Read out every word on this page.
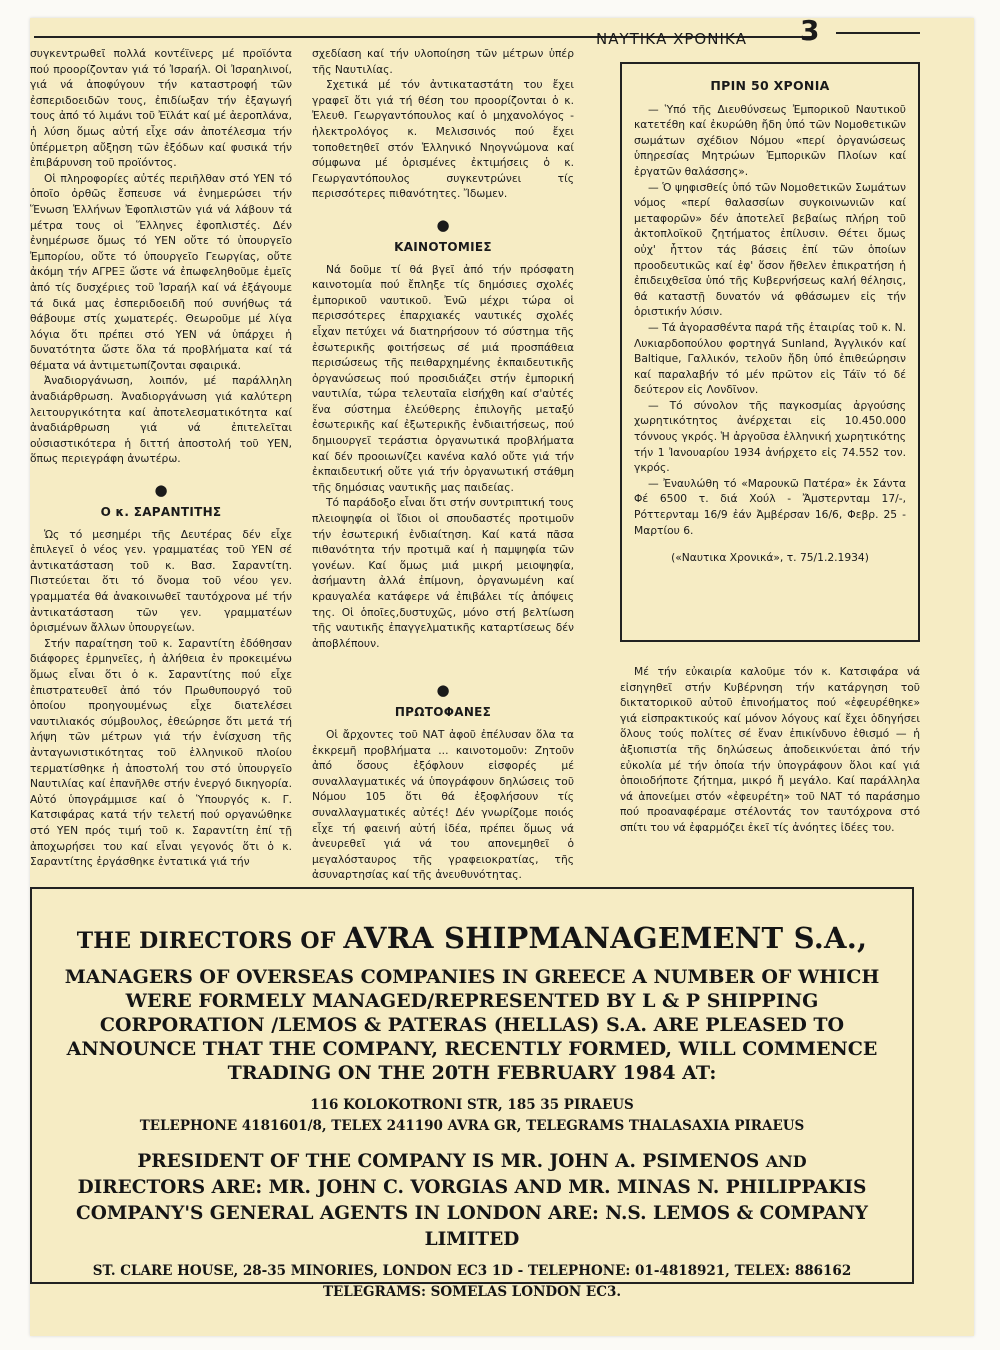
ΝΑΥΤΙΚΑ ΧΡΟΝΙΚΑ 3

συγκεντρωθεῖ πολλά κοντέϊνερς μέ προϊόντα πού προορίζονταν γιά τό Ἰσραήλ. Οἱ Ἰσραηλινοί, γιά νά ἀποφύγουν τήν καταστροφή τῶν ἐσπεριδοειδῶν τους, ἐπιδίωξαν τήν ἐξαγωγή τους ἀπό τό λιμάνι τοῦ Ἐϊλάτ καί μέ ἀεροπλάνα, ἡ λύση ὅμως αὐτή εἶχε σάν ἀποτέλεσμα τήν ὑπέρμετρη αὔξηση τῶν ἐξόδων καί φυσικά τήν ἐπιβάρυνση τοῦ προϊόντος.

Οἱ πληροφορίες αὐτές περιῆλθαν στό ΥΕΝ τό ὁποῖο ὀρθῶς ἔσπευσε νά ἐνημερώσει τήν Ἕνωση Ἑλλήνων Ἐφοπλιστῶν γιά νά λάβουν τά μέτρα τους οἱ Ἕλληνες ἐφοπλιστές. Δέν ἐνημέρωσε ὅμως τό ΥΕΝ οὔτε τό ὑπουργεῖο Ἐμπορίου, οὔτε τό ὑπουργεῖο Γεωργίας, οὔτε ἀκόμη τήν ΑΓΡΕΞ ὥστε νά ἐπωφεληθοῦμε ἐμεῖς ἀπό τίς δυσχέριες τοῦ Ἰσραήλ καί νά ἐξάγουμε τά δικά μας ἐσπεριδοειδῆ πού συνήθως τά θάβουμε στίς χωματερές. Θεωροῦμε μέ λίγα λόγια ὅτι πρέπει στό ΥΕΝ νά ὑπάρχει ἡ δυνατότητα ὥστε ὅλα τά προβλήματα καί τά θέματα νά ἀντιμετωπίζονται σφαιρικά.

Ἀναδιοργάνωση, λοιπόν, μέ παράλληλη ἀναδιάρθρωση. Ἀναδιοργάνωση γιά καλύτερη λειτουργικότητα καί ἀποτελεσματικότητα καί ἀναδιάρθρωση γιά νά ἐπιτελεῖται οὐσιαστικότερα ἡ διττή ἀποστολή τοῦ ΥΕΝ, ὅπως περιεγράφη ἀνωτέρω.

●
Ο κ. ΣΑΡΑΝΤΙΤΗΣ

Ὡς τό μεσημέρι τῆς Δευτέρας δέν εἶχε ἐπιλεγεῖ ὁ νέος γεν. γραμματέας τοῦ ΥΕΝ σέ ἀντικατάσταση τοῦ κ. Βασ. Σαραντίτη. Πιστεύεται ὅτι τό ὄνομα τοῦ νέου γεν. γραμματέα θά ἀνακοινωθεῖ ταυτόχρονα μέ τήν ἀντικατάσταση τῶν γεν. γραμματέων ὁρισμένων ἄλλων ὑπουργείων.

Στήν παραίτηση τοῦ κ. Σαραντίτη ἐδόθησαν διάφορες ἑρμηνεῖες, ἡ ἀλήθεια ἐν προκειμένω ὅμως εἶναι ὅτι ὁ κ. Σαραντίτης πού εἶχε ἐπιστρατευθεῖ ἀπό τόν Πρωθυπουργό τοῦ ὁποίου προηγουμένως εἶχε διατελέσει ναυτιλιακός σύμβουλος, ἐθεώρησε ὅτι μετά τή λήψη τῶν μέτρων γιά τήν ἐνίσχυση τῆς ἀνταγωνιστικότητας τοῦ ἑλληνικοῦ πλοίου τερματίσθηκε ἡ ἀποστολή του στό ὑπουργεῖο Ναυτιλίας καί ἐπανῆλθε στήν ἐνεργό δικηγορία. Αὐτό ὑπογράμμισε καί ὁ Ὑπουργός κ. Γ. Κατσιφάρας κατά τήν τελετή πού οργανώθηκε στό ΥΕΝ πρός τιμή τοῦ κ. Σαραντίτη ἐπί τῇ ἀποχωρήσει του καί εἶναι γεγονός ὅτι ὁ κ. Σαραντίτης ἐργάσθηκε ἐντατικά γιά τήν

σχεδίαση καί τήν υλοποίηση τῶν μέτρων ὑπέρ τῆς Ναυτιλίας.

Σχετικά μέ τόν ἀντικαταστάτη του ἔχει γραφεῖ ὅτι γιά τή θέση του προορίζονται ὁ κ. Ἐλευθ. Γεωργαντόπουλος καί ὁ μηχανολόγος - ἠλεκτρολόγος κ. Μελισσινός πού ἔχει τοποθετηθεῖ στόν Ἑλληνικό Νηογνώμονα καί σύμφωνα μέ ὁρισμένες ἐκτιμήσεις ὁ κ. Γεωργαντόπουλος συγκεντρώνει τίς περισσότερες πιθανότητες. Ἴδωμεν.

●
ΚΑΙΝΟΤΟΜΙΕΣ

Νά δοῦμε τί θά βγεῖ ἀπό τήν πρόσφατη καινοτομία πού ἔπληξε τίς δημόσιες σχολές ἐμπορικοῦ ναυτικοῦ. Ἐνῶ μέχρι τώρα οἱ περισσότερες ἐπαρχιακές ναυτικές σχολές εἶχαν πετύχει νά διατηρήσουν τό σύστημα τῆς ἐσωτερικῆς φοιτήσεως σέ μιά προσπάθεια περισώσεως τῆς πειθαρχημένης ἐκπαιδευτικῆς ὀργανώσεως πού προσιδιάζει στήν ἐμπορική ναυτιλία, τώρα τελευταῖα εἰσήχθη καί σ'αὐτές ἕνα σύστημα ἐλεύθερης ἐπιλογῆς μεταξύ ἐσωτερικῆς καί ἐξωτερικῆς ἐνδιαιτήσεως, πού δημιουργεῖ τεράστια ὀργανωτικά προβλήματα καί δέν προοιωνίζει κανένα καλό οὔτε γιά τήν ἐκπαιδευτική οὔτε γιά τήν ὀργανωτική στάθμη τῆς δημόσιας ναυτικῆς μας παιδείας.

Τό παράδοξο εἶναι ὅτι στήν συντριπτική τους πλειοψηφία οἱ ἴδιοι οἱ σπουδαστές προτιμοῦν τήν ἐσωτερική ἐνδιαίτηση. Καί κατά πᾶσα πιθανότητα τήν προτιμᾶ καί ἡ παμψηφία τῶν γονέων. Καί ὅμως μιά μικρή μειοψηφία, ἀσήμαντη ἀλλά ἐπίμονη, ὀργανωμένη καί κραυγαλέα κατάφερε νά ἐπιβάλει τίς ἀπόψεις της. Οἱ ὁποῖες,δυστυχῶς, μόνο στή βελτίωση τῆς ναυτικῆς ἐπαγγελματικῆς καταρτίσεως δέν ἀποβλέπουν.

●
ΠΡΩΤΟΦΑΝΕΣ

Οἱ ἄρχοντες τοῦ ΝΑΤ ἀφοῦ ἐπέλυσαν ὅλα τα ἐκκρεμῆ προβλήματα ... καινοτομοῦν: Ζητοῦν ἀπό ὅσους ἐξόφλουν εἰσφορές μέ συναλλαγματικές νά ὑπογράφουν δηλώσεις τοῦ Νόμου 105 ὅτι θά ἐξοφλήσουν τίς συναλλαγματικές αὐτές! Δέν γνωρίζομε ποιός εἶχε τή φαεινή αὐτή ἰδέα, πρέπει ὅμως νά ἀνευρεθεῖ γιά νά του απονεμηθεῖ ὁ μεγαλόσταυρος τῆς γραφειοκρατίας, τῆς ἀσυναρτησίας καί τῆς ἀνευθυνότητας.

ΠΡΙΝ 50 ΧΡΟΝΙΑ

— Ὑπό τῆς Διευθύνσεως Ἐμπορικοῦ Ναυτικοῦ κατετέθη καί ἐκυρώθη ἤδη ὑπό τῶν Νομοθετικῶν σωμάτων σχέδιον Νόμου «περί ὀργανώσεως ὑπηρεσίας Μητρώων Ἐμπορικῶν Πλοίων καί ἐργατῶν θαλάσσης».

— Ὁ ψηφισθείς ὑπό τῶν Νομοθετικῶν Σωμάτων νόμος «περί θαλασσίων συγκοινωνιῶν καί μεταφορῶν» δέν ἀποτελεῖ βεβαίως πλήρη τοῦ ἀκτοπλοϊκοῦ ζητήματος ἐπίλυσιν. Θέτει ὅμως οὐχ' ἧττον τάς βάσεις ἐπί τῶν ὁποίων προοδευτικῶς καί ἐφ' ὅσον ἤθελεν ἐπικρατήση ἡ ἐπιδειχθεῖσα ὑπό τῆς Κυβερνήσεως καλή θέλησις, θά καταστῇ δυνατόν νά φθάσωμεν εἰς τήν ὁριστικήν λύσιν.

— Τά ἀγορασθέντα παρά τῆς ἑταιρίας τοῦ κ. Ν. Λυκιαρδοπούλου φορτηγά Sunland, Ἀγγλικόν καί Baltique, Γαλλικόν, τελοῦν ἤδη ὑπό ἐπιθεώρησιν καί παραλαβήν τό μέν πρῶτον εἰς Τάϊν τό δέ δεύτερον εἰς Λονδῖνον.

— Τό σύνολον τῆς παγκοσμίας ἀργούσης χωρητικότητος ἀνέρχεται εἰς 10.450.000 τόννους γκρός. Ἡ ἀργοῦσα ἑλληνική χωρητικότης τήν 1 Ἰανουαρίου 1934 ἀνήρχετο εἰς 74.552 τον. γκρός.

— Ἐναυλώθη τό «Μαρουκῶ Πατέρα» ἐκ Σάντα Φέ 6500 τ. διά Χούλ - Ἄμστερνταμ 17/-, Ρόττερνταμ 16/9 ἐάν Ἀμβέρσαν 16/6, Φεβρ. 25 - Μαρτίου 6.

(«Ναυτικα Χρονικά», τ. 75/1.2.1934)

Μέ τήν εὐκαιρία καλοῦμε τόν κ. Κατσιφάρα νά εἰσηγηθεῖ στήν Κυβέρνηση τήν κατάργηση τοῦ δικτατορικοῦ αὐτοῦ ἐπινοήματος πού «ἐφευρέθηκε» γιά εἰσπρακτικούς καί μόνον λόγους καί ἔχει ὁδηγήσει ὅλους τούς πολίτες σέ ἕναν ἐπικίνδυνο ἐθισμό — ἡ ἀξιοπιστία τῆς δηλώσεως ἀποδεικνύεται ἀπό τήν εὐκολία μέ τήν ὁποία τήν ὑπογράφουν ὅλοι καί γιά ὁποιοδήποτε ζήτημα, μικρό ἤ μεγάλο. Καί παράλληλα νά ἀπονείμει στόν «ἐφευρέτη» τοῦ ΝΑΤ τό παράσημο πού προαναφέραμε στέλοντάς τον ταυτόχρονα στό σπίτι του νά ἐφαρμόζει ἐκεῖ τίς ἀνόητες ἰδέες του.

THE DIRECTORS OF AVRA SHIPMANAGEMENT S.A.,
MANAGERS OF OVERSEAS COMPANIES IN GREECE A NUMBER OF WHICH WERE FORMELY MANAGED/REPRESENTED BY L & P SHIPPING CORPORATION /LEMOS & PATERAS (HELLAS) S.A. ARE PLEASED TO ANNOUNCE THAT THE COMPANY, RECENTLY FORMED, WILL COMMENCE TRADING ON THE 20TH FEBRUARY 1984 AT:
116 KOLOKOTRONI STR, 185 35 PIRAEUS
TELEPHONE 4181601/8, TELEX 241190 AVRA GR, TELEGRAMS THALASAXIA PIRAEUS
PRESIDENT OF THE COMPANY IS MR. JOHN A. PSIMENOS AND
DIRECTORS ARE: MR. JOHN C. VORGIAS AND MR. MINAS N. PHILIPPAKIS
COMPANY'S GENERAL AGENTS IN LONDON ARE: N.S. LEMOS & COMPANY LIMITED
ST. CLARE HOUSE, 28-35 MINORIES, LONDON EC3 1D - TELEPHONE: 01-4818921, TELEX: 886162
TELEGRAMS: SOMELAS LONDON EC3.
